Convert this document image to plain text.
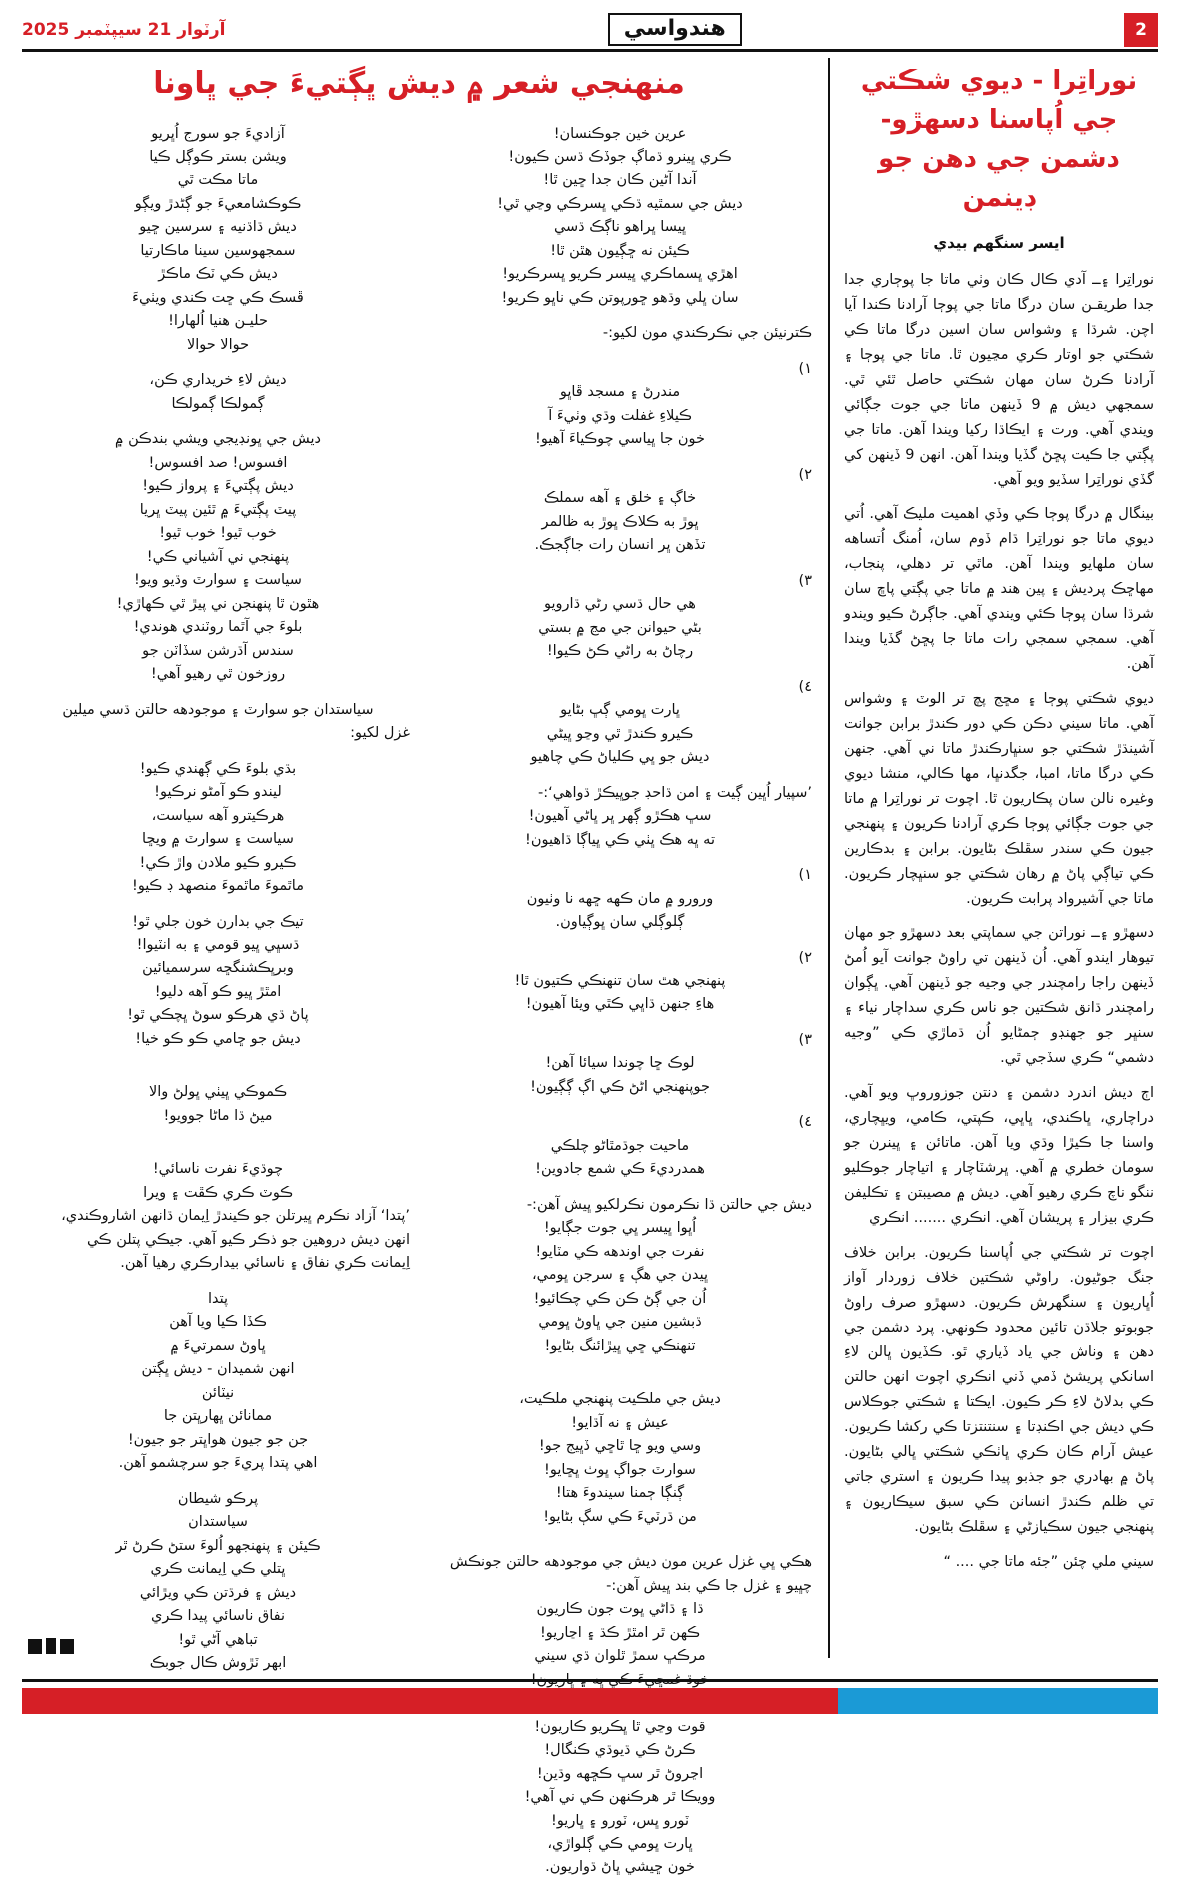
2
هندواسي
آرٽوار 21 سيپٽمبر 2025
نوراتِرا - ديوي شڪتي جي اُپاسنا دسهڙو- دشمن جي دهن جو ڊينمن
ايسر سنگھم بيدي

نوراتِرا ۽ــ آدي ڪال ڪان وٺي ماتا جا پوڄاري جدا جدا طريقـن سان درگا ماتا جي پوڄا آرادنا ڪندا آيا اچن. شرڌا ۽ وشواس سان اسين درگا ماتا ڪي شڪتي جو اوتار ڪري مڃيون ٿا. ماتا جي پوڄا ۽ آرادنا ڪرڻ سان مهان شڪتي حاصل ٿئي ٿي. سمجهي ديش ۾ 9 ڏينهن ماتا جي جوت جڳائي ويندي آهي. ورت ۽ ايڪاڌا رکيا ويندا آهن. ماتا جي پڳتي جا ڪيت پڇڻ گڏيا ويندا آهن. انهن 9 ڏينهن کي گڏي نوراتِرا سڏيو ويو آهي.

بينگال ۾ درگا پوڄا ڪي وڏي اهميت مليڪ آهي. اُتي ديوي ماتا جو نوراتِرا ڌام ڏوم سان، اُمنگ اُتساهه سان ملهايو ويندا آهن. ماٿي تر دهلي، پنجاب، مهاڇڪ پرديش ۽ پين هند ۾ ماتا جي پڳتي پاڇ سان شرڌا سان پوڄا ڪئي ويندي آهي. جاڳرڻ ڪيو ويندو آهي. سمجي سمجي رات ماتا جا پڇڻ گڏيا ويندا آهن.

ديوي شڪتي پوڄا ۽ مڇج پچ تر الوٽ ۽ وشواس آهي. ماتا سيني دڪن ڪي دور ڪندڙ برابن جوانت آشينڌڙ شڪتي جو سنڀارڪندڙ ماتا ني آهي. جنهن ڪي درگا ماتا، امبا، جگدنڀا، مها ڪالي، منشا ديوي وغيره نالن سان پڪاريون ٿا. اچوت تر نوراتِرا ۾ ماتا جي جوت جڳائي پوڄا ڪري آرادنا ڪريون ۽ پنهنجي جيون ڪي سندر سڦلڪ بڻايون. برابن ۽ بدڪارين ڪي تياڳي پاڻ ۾ رهان شڪتي جو سنڀچار ڪريون. ماتا جي آشيرواد پرابت ڪريون.

دسهڙو ۽ــ نوراتن جي سماپتي بعد دسهڙو جو مهان تيوهار ايندو آهي. اُن ڏينهن تي راوڻ جوانت آيو اُمڻ ڏينهن راجا رامچندر جي وجيه جو ڏينهن آهي. ڀڳوان رامچندر ڌانق شڪتين جو ناس ڪري سداچار نياء ۽ سنڀر جو جهنڊو ڄمڻايو اُن ڌماڙي ڪي ”وجيه دشمي“ ڪري سڏجي ٿي.

اڄ ديش اندرد دشمن ۽ دنتن جوزوروڀ ويو آهي. دراچاري، ڀاڪندي، ڀاڀي، ڪپتي، ڪامي، ويڀچاري، واسنا جا ڪيڙا وڌي ويا آهن. ماتائن ۽ ڀينرن جو سومان خطري ۾ آهي. ڀرشٽاچار ۽ اتياچار جوڪليو ننگو ناچ ڪري رهيو آهي. ديش ۾ مصيبتن ۽ تڪليفن ڪري بيزار ۽ پريشان آهي. انڪري ....... انڪري

اچوت تر شڪتي جي اُپاسنا ڪريون. برابن خلاف جنگ جوڻيون. راوڻي شڪتين خلاف زوردار آواز اُڀاريون ۽ سنگهرش ڪريون. دسهڙو صرف راوڻ جوبوتو جلاڌن تائين محدود ڪونهي. پرد دشمن جي دهن ۽ وناش جي ياد ڏياري ٿو. ڪڏيون ڀالن لاءِ اسانکي پريشڻ ڏمي ڏني انڪري اچوت انهن حالتن ڪي بدلاڻ لاءِ ڪر ڪيون. ايڪتا ۽ شڪتي جوڪلاس ڪي ديش جي اڪنڊتا ۽ سنتنتزتا ڪي رکشا ڪريون. عيش آرام ڪان ڪري ڀاٺڪي شڪتي ڀالي بڻايون. پاڻ ۾ بهادري جو جذبو پيدا ڪريون ۽ استري جاتي تي ظلم ڪندڙ انسانن ڪي سبق سيڪاريون ۽ پنهنجي جيون سڪيازڻي ۽ سڦلڪ بڻايون.

سيني ملي چئن ”جئه ماتا جي .... “

منهنجي شعر ۾ ديش ڀڳتيءَ جي ڀاونا
عرين خين جوڪنسان!
ڪري ڀينرو ڌماڳ جوڏڪ ڌسن ڪيون!
آندا آڻين ڪان جدا ڇين ٿا!
ديش جي سمٿيه ڌڪي ڀسرڪي وڃي ٿي!
ڀيسا ڀراهو ناڳڪ ڌسي
ڪيئن نه ڇڳيون هٿن ٿا!
اهڙي ڀسماڪري ڀيسر ڪريو ڀسرڪريو!
سان ڀلي وڌهو ڇورپوتن ڪي ناڀو ڪريو!
ڪترنيئن جي نڪرڪندي مون لکيو:-
١)
مندرڻ ۽ مسجد ڦاڀو
ڪيلاءِ غفلت وڌي وٺيءَ آ
خون جا ڀياسي چوڪياءَ آهيو!
٢)
خاڳ ۽ خلق ۽ آهه سملڪ
ڀوڙ به ڪلاڪ ڀوڙ به ظالمر
تڏهن ڀر انسان رات جاڳجڪ.
٣)
هي حال ڌسي رڻي ڌارويو
بڻي حيوانن جي مڃ ۾ بستي
رچاڻ به راڻي ڪڻ ڪيوا!
٤)
ڀارت ڀومي ڳڀ بڻايو
ڪيرو ڪندڙ ٿي وڃو ڀيڻي
ديش جو ڀي ڪلياڻ ڪي چاهيو
’سپيار اُڀين ڳيت ۽ امن ڌاحڊ جوڀيڪڙ ڌواهي‘:-
سڀ هڪڙو ڳهر ڀر ڀاڻي آهيون!
ته ڀه هڪ ڀٺي ڪي ڀياڳا ڌاهيون!
١)
ورورو ۾ مان ڪهه ڇهه نا وٺيون
ڳلوڳلي سان ڀوڳياون.
٢)
پنهنجي هٿ سان تنهنڪي ڪتيون ٿا!
هاءِ جنهن ڌاڀي ڪٿي ويئا آهيون!
٣)
لوڪ ڇا چوندا سيائا آهن!
جوپنهنجي اڻڻ ڪي اڳ ڳڳيون!
٤)
ماحيت جوڌمٿاڻو چلڪي
همدرديءَ ڪي شمع جادوين!
ديش جي حالتن ڌا نڪرمون نڪرلکيو ڀيش آهن:-
اُڀوا ڀيسر ڀي جوت جڳايو!
نفرت جي اوندهه ڪي مٽايو!
ڀيدن جي هڳ ۽ سرجن ڀومي،
اُن جي ڳڻ ڪن ڪي چڪائيو!
ڌبشين منين جي ڀاوڻ ڀومي
تنهنڪي ڇي ڀيڙائنگ بڻايو!
ديش جي ملڪيت پنهنجي ملڪيت،
عيش ۽ نه آڌايو!
وسي ويو ڇا ٿاڇي ڏڀيج جو!
سوارٽ جواڳ ڀوٺ ڀڇايو!
ڳنڳا ڄمنا سيندوءَ هتا!
من ڌرٽيءَ ڪي سڳ بڻايو!
هڪي ڀي غزل عرين مون ديش جي موجودهه حالتن جونڪش چڀيو ۽ غزل جا ڪي بند ڀيش آهن:-
ڌا ۽ ڌاڻي ڀوت جون ڪاريون
ڪهن ٿر امٿڙ ڪڌ ۽ اڃاريو!
مرڪڀ سمڙ ٿلوان ڌي سيني
قوت وڃي ٿا ڀڪريو ڪاريون!
ڪرڻ ڪي ڌيوڌي ڪنگال!
اڃروڻ ٿر سڀ ڪڇهه وڌين!
وويڪا ٿر هرڪنهن ڪي ني آهي!
ٽورو ڀس، ٽورو ۽ ڀاريو!
ڀارت ڀومي ڪي ڳلواڙي،
خون ڇيشي ڀاڻ ڌواريون.
آزاديءَ جو سورج اُڀريو
ويشن بستر ڪوڳل ڪيا
ماتا مڪت ٿي
ڪوڪشامعيءَ جو ڳڻدڙ ويڳو
ديش ڌاڌنيه ۽ سرسين ڇيو
سمجهوسين سينا ماڪارتيا
ديش ڪي ٽڪ ماڪڙ
ڦسڪ ڪي ڇت ڪندي ويٺيءَ
حليـن هنيا اُلهارا!
حوالا حوالا
ديش لاءِ خريداري ڪن،
ڳمولڪا ڳمولڪا
ديش جي ڀونڊيجي ويشي بندڪن ۾
افسوس! صد افسوس!
ديش پڳتيءَ ۽ پرواز ڪيو!
پيٽ پڳتيءَ ۾ ٿئين پيٽ ڀريا
خوب ٿيو! خوب ٿيو!
پنهنجي ني آشياني ڪي!
سياست ۽ سوارٽ وڌيو ويو!
هٿون ٿا پنهنجن ني پيڙ ٿي ڪهاڙي!
بلوءَ جي آٿما روٽندي هوندي!
سندس آڌرشن سڏاٽن جو
روزخون ٿي رهيو آهي!
سياستدان جو سوارٽ ۽ موجودهه حالتن ڌسي ميلين
غزل لکيو:
بڌي بلوءَ ڪي ڳهندي ڪيو!
ليندو ڪو آمڻو نرڪيو!
هرڪيترو آهه سياست،
سياست ۽ سوارٽ ۾ ويڇا
ڪيرو ڪيو ملادن واڙ ڪي!
ماٿموءَ ماٿموءَ منصهد ڊ ڪيو!
تيڪ جي بدارن خون جلي ٿو!
ڌسڀي ڀيو قومي ۽ به انٽيوا!
وبرڀڪشنگڇه سرسميائين
امٿڙ ڀيو ڪو آهه دليو!
پاڻ ڌي هرڪو سوڻ ڀچڪي ٿو!
ديش جو ڇامي ڪو ڪو خيا!
ڪموڪي ڀيٺي ڀولڻ والا
ميڻ ڌا ماڻا جوويو!
چوڌيءَ نفرت ناسائي!
ڪوٽ ڪري ڪڦت ۽ ويرا
’پتدا‘ آزاد نڪرم ڀيرتلن جو ڪيندڙ اِيمان ڌانهن اشاروڪندي،
انهن ديش دروهين جو ذڪر ڪيو آهي. جيڪي پتلن ڪي
اِيمانت ڪري نفاق ۽ ناسائي بيدارڪري رهيا آهن.
پتدا
ڪڏا ڪيا ويا آهن
ڀاوڻ سمرتيءَ ۾
انهن شميدان - ديش ڀڳتن
نيٽائن
ممانائن ڀهارڀتن جا
جن جو جيون هواڀتر جو جيون!
اهي پتدا پريءَ جو سرچشمو آهن.
پرڪو شيطان
سياستدان
ڪيئن ۽ پنهنجهو اُلوءَ ستڻ ڪرڻ ٿر
ڀتلي ڪي اِيمانت ڪري
ديش ۽ فرڌتن ڪي ويڙائي
نفاق ناسائي پيدا ڪري
تباهي آڻي ٿو!
ابهر ٽڙوش ڪال جوبڪ
